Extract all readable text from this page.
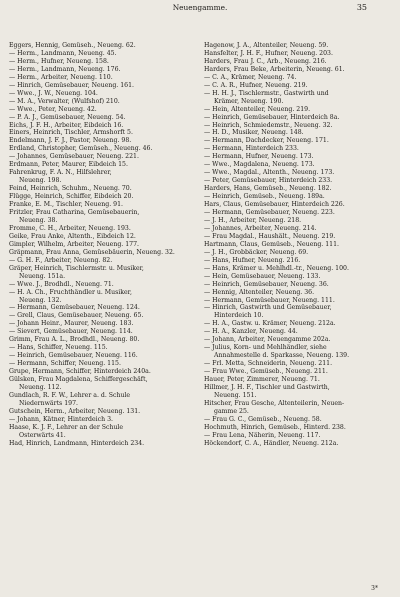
Neuengamme.	35
Eggers, Hennig, Gemüseh., Neueng. 62.
— Herm., Landmann, Neueng. 45.
— Herm., Hufner, Neueng. 158.
— Herm., Landmann, Neueng. 176.
— Herm., Arbeiter, Neueng. 110.
— Hinrich, Gemüsebauer, Neueng. 161.
— Wwe., J. W., Neueng. 104.
— M. A., Verwalter, (Wulfshof) 210.
— Wwe., Peter, Neueng. 42.
— P. A. J., Gemüsebauer, Neueng. 54.
Eichs, J. F. H., Arbeiter, Eibdeich 16.
Einers, Heinrich, Tischler, Armshorft 5.
Endelmann, J. F. J., Pastor, Neueng. 98.
Erdland, Christopher, Gemüseh., Neueng. 46.
— Johannes, Gemüsebauer, Neueng. 221.
Erdmann, Peter, Maurer, Eibdeich 15.
Fahrenkrug, F. A. N., Hilfslehrer,
Neueng. 198.
Feind, Heinrich, Schuhm., Neueng. 70.
Flügge, Heinrich, Schiffer, Eibdeich 20.
Franke, E. M., Tischler, Neueng. 91.
Fritzler, Frau Catharina, Gemüsebauerin,
Neueng. 38.
Fromme, C. H., Arbeiter, Neueng. 193.
Geike, Frau Anke, Altenth., Eibdeich 12.
Gimpler, Wilhelm, Arbeiter, Neueng. 177.
Gräpmann, Frau Anna, Gemüsebäuerin, Neueng. 32.
— G. H. F., Arbeiter, Neueng. 82.
Gräper, Heinrich, Tischlermstr. u. Musiker,
Neueng. 151a.
— Wwe. J., Brodhdl., Neueng. 71.
— H. A. Ch., Fruchthändler u. Musiker,
Neueng. 132.
— Hermann, Gemüsebauer, Neueng. 124.
— Grell, Claus, Gemüsebauer, Neueng. 65.
— Johann Heinr., Maurer, Neueng. 183.
— Sievert, Gemüsebauer, Neueng. 114.
Grimm, Frau A. L., Brodhdl., Neueng. 80.
— Hans, Schiffer, Neueng. 115.
— Heinrich, Gemüsebauer, Neueng. 116.
— Hermann, Schiffer, Neueng. 115.
Grupe, Hermann, Schiffer, Hinterdeich 240a.
Gülsken, Frau Magdalena, Schiffergeschäft,
Neueng. 112.
Gundlach, R. F. W., Lehrer a. d. Schule
Niedernwärts 197.
Gutschein, Herm., Arbeiter, Neueng. 131.
— Johann, Kätner, Hinterdeich 3.
Haase, K. J. F., Lehrer an der Schule
Osterwärts 41.
Had, Hinrich, Landmann, Hinterdeich 234.
Hagenow, J. A., Altenteiler, Neueng. 59.
Hansfelter, J. H. F., Hufner, Neueng. 203.
Harders, Frau J. C., Arb., Neueng. 216.
Harders, Frau Beke, Arbeiterin, Neueng. 61.
— C. A., Krämer, Neueng. 74.
— C. A. R., Hufner, Neueng. 219.
— H. H. J., Tischlermstr., Gastwirth und
Krämer, Neueng. 190.
— Hein, Altenteiler, Neueng. 219.
— Heinrich, Gemüsebauer, Hinterdeich 8a.
— Heinrich, Schmiedemstr., Neueng. 32.
— H. D., Musiker, Neueng. 148.
— Hermann, Dachdecker, Neueng. 171.
— Hermann, Hinterdeich 233.
— Hermann, Hufner, Neueng. 173.
— Wwe., Magdalena, Neueng. 173.
— Wwe., Magdal., Altenth., Neueng. 173.
— Peter, Gemüsebauer, Hinterdeich 233.
Harders, Hans, Gemüseb., Neueng. 182.
— Heinrich, Gemüseb., Neueng. 189a.
Hars, Claus, Gemüsebauer, Hinterdeich 226.
— Hermann, Gemüsebauer, Neueng. 223.
— J. H., Arbeiter, Neueng. 218.
— Johannes, Arbeiter, Neueng. 214.
— Frau Magdal., Haushält., Neueng. 219.
Hartmann, Claus, Gemüseb., Neueng. 111.
— J. H., Grobbäcker, Neueng. 69.
— Hans, Hufner, Neueng. 216.
— Hans, Krämer u. Mehlhdl.-tr., Neueng. 100.
— Hein, Gemüsebauer, Neueng. 133.
— Heinrich, Gemüsebauer, Neueng. 36.
— Hennig, Altenteiler, Neueng. 36.
— Hermann, Gemüsebauer, Neueng. 111.
— Hinrich, Gastwirth und Gemüsebauer,
Hinterdeich 10.
— H. A., Gastw. u. Krämer, Neueng. 212a.
— H. A., Kanzler, Neueng. 44.
— Johann, Arbeiter, Neuengamme 202a.
— Julius, Korn- und Mehlhändler, siehe
Annahmestelle d. Sparkasse, Neueng. 139.
— Frl. Metta, Schneiderin, Neueng. 211.
— Frau Wwe., Gemüseb., Neueng. 211.
Hauer, Peter, Zimmerer, Neueng. 71.
Hillmer, J. H. F., Tischler und Gastwirth,
Neueng. 151.
Hitscher, Frau Gesche, Altenteilerin, Neuen-
gamme 25.
— Frau G. C., Gemüseb., Neueng. 58.
Hochmuth, Hinrich, Gemüseb., Hinterd. 238.
— Frau Lena, Näherin, Neueng. 117.
Höckendorf, C. A., Händler, Neueng. 212a.
3*
